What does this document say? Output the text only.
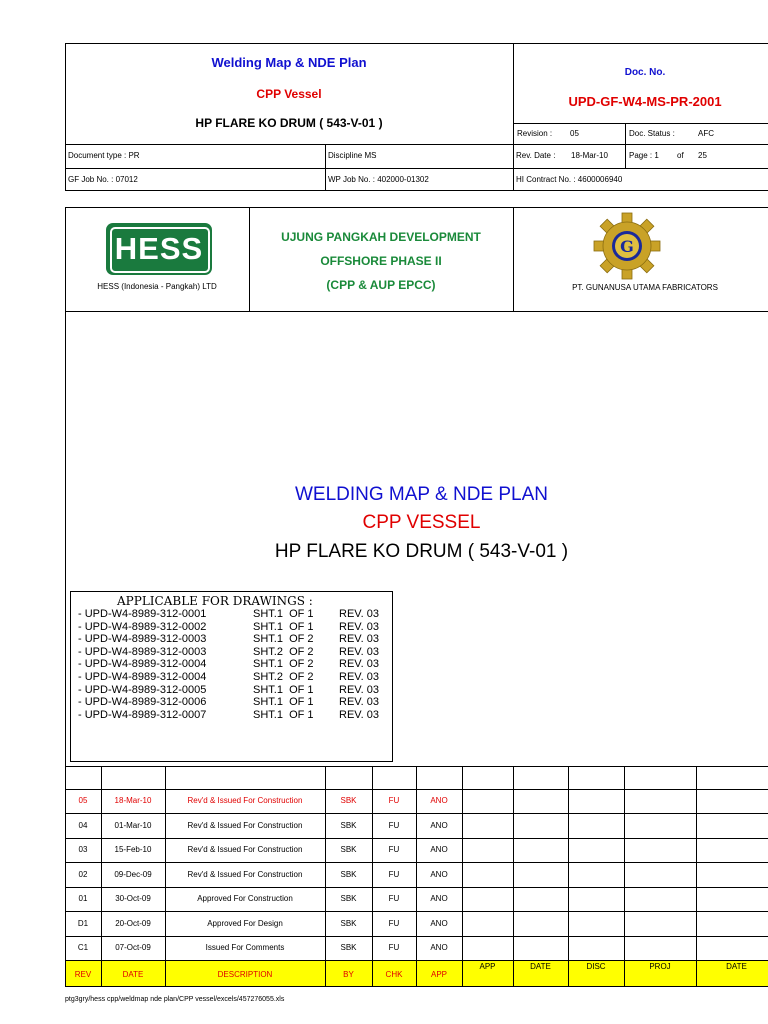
Welding Map & NDE Plan
CPP Vessel
HP FLARE KO DRUM ( 543-V-01 )
Doc. No.
UPD-GF-W4-MS-PR-2001
Revision : 05	Doc. Status :	AFC
Document type : PR	Discipline MS	Rev. Date : 18-Mar-10	Page : 1 of 25
GF Job No. : 07012	WP Job No. : 402000-01302	HI Contract No. : 4600006940
HESS
HESS (Indonesia - Pangkah) LTD
UJUNG PANGKAH DEVELOPMENT
OFFSHORE PHASE II
(CPP & AUP EPCC)
G
PT. GUNANUSA UTAMA FABRICATORS
WELDING MAP & NDE PLAN
CPP VESSEL
HP FLARE KO DRUM ( 543-V-01 )
APPLICABLE FOR DRAWINGS :
- UPD-W4-8989-312-0001	SHT.1  OF 1 REV. 03
- UPD-W4-8989-312-0002	SHT.1  OF 1 REV. 03
- UPD-W4-8989-312-0003	SHT.1  OF 2 REV. 03
- UPD-W4-8989-312-0003	SHT.2  OF 2 REV. 03
- UPD-W4-8989-312-0004	SHT.1  OF 2 REV. 03
- UPD-W4-8989-312-0004	SHT.2  OF 2 REV. 03
- UPD-W4-8989-312-0005	SHT.1  OF 1 REV. 03
- UPD-W4-8989-312-0006	SHT.1  OF 1 REV. 03
- UPD-W4-8989-312-0007	SHT.1  OF 1 REV. 03
REV	DATE	DESCRIPTION	BY	CHK	APP
APP	DATE	DISC	PROJ	DATE
05	18-Mar-10	Rev'd & Issued For Construction	SBK	FU	ANO
04	01-Mar-10	Rev'd & Issued For Construction	SBK	FU	ANO
03	15-Feb-10	Rev'd & Issued For Construction	SBK	FU	ANO
02	09-Dec-09	Rev'd & Issued For Construction	SBK	FU	ANO
01	30-Oct-09	Approved For Construction	SBK	FU	ANO
D1	20-Oct-09	Approved For Design	SBK	FU	ANO
C1	07-Oct-09	Issued For Comments	SBK	FU	ANO
ptg3gry/hess cpp/weldmap nde plan/CPP vessel/excels/457276055.xls
